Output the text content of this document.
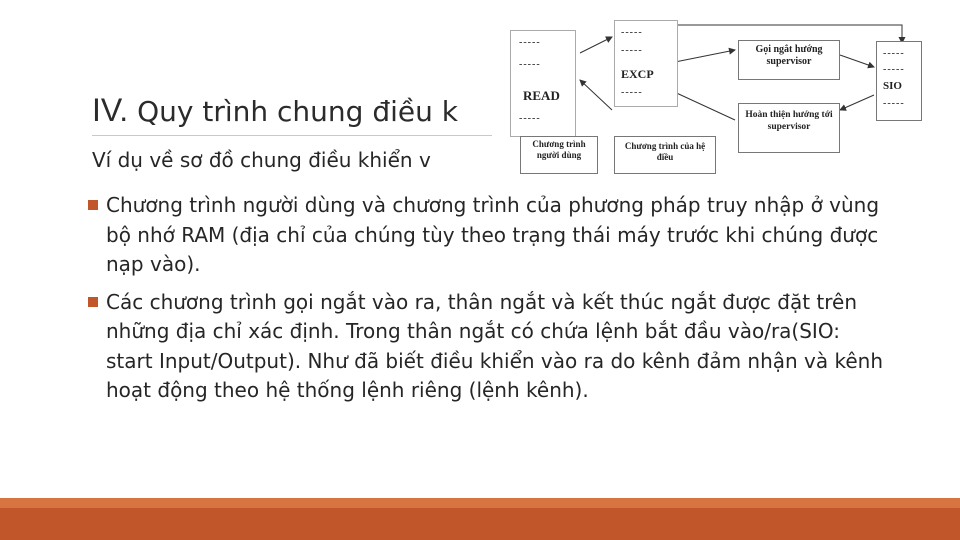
IV. Quy trình chung điều k
Ví dụ về sơ đồ chung điều khiển v
Chương trình người dùng và chương trình của phương pháp truy nhập ở vùng bộ nhớ RAM (địa chỉ của chúng tùy theo trạng thái máy trước khi chúng được nạp vào).
Các chương trình gọi ngắt vào ra, thân ngắt và kết thúc ngắt được đặt trên những địa chỉ xác định. Trong thân ngắt có chứa lệnh bắt đầu vào/ra(SIO: start Input/Output). Như đã biết điều khiển vào ra do kênh đảm nhận và kênh hoạt động theo hệ thống lệnh riêng (lệnh kênh).
-----
-----
READ
-----
-----
-----
EXCP
-----
Gọi ngắt hướng supervisor
Hoàn thiện hướng tới supervisor
-----
-----
SIO
-----
Chương trình người dùng
Chương trình của hệ điều
